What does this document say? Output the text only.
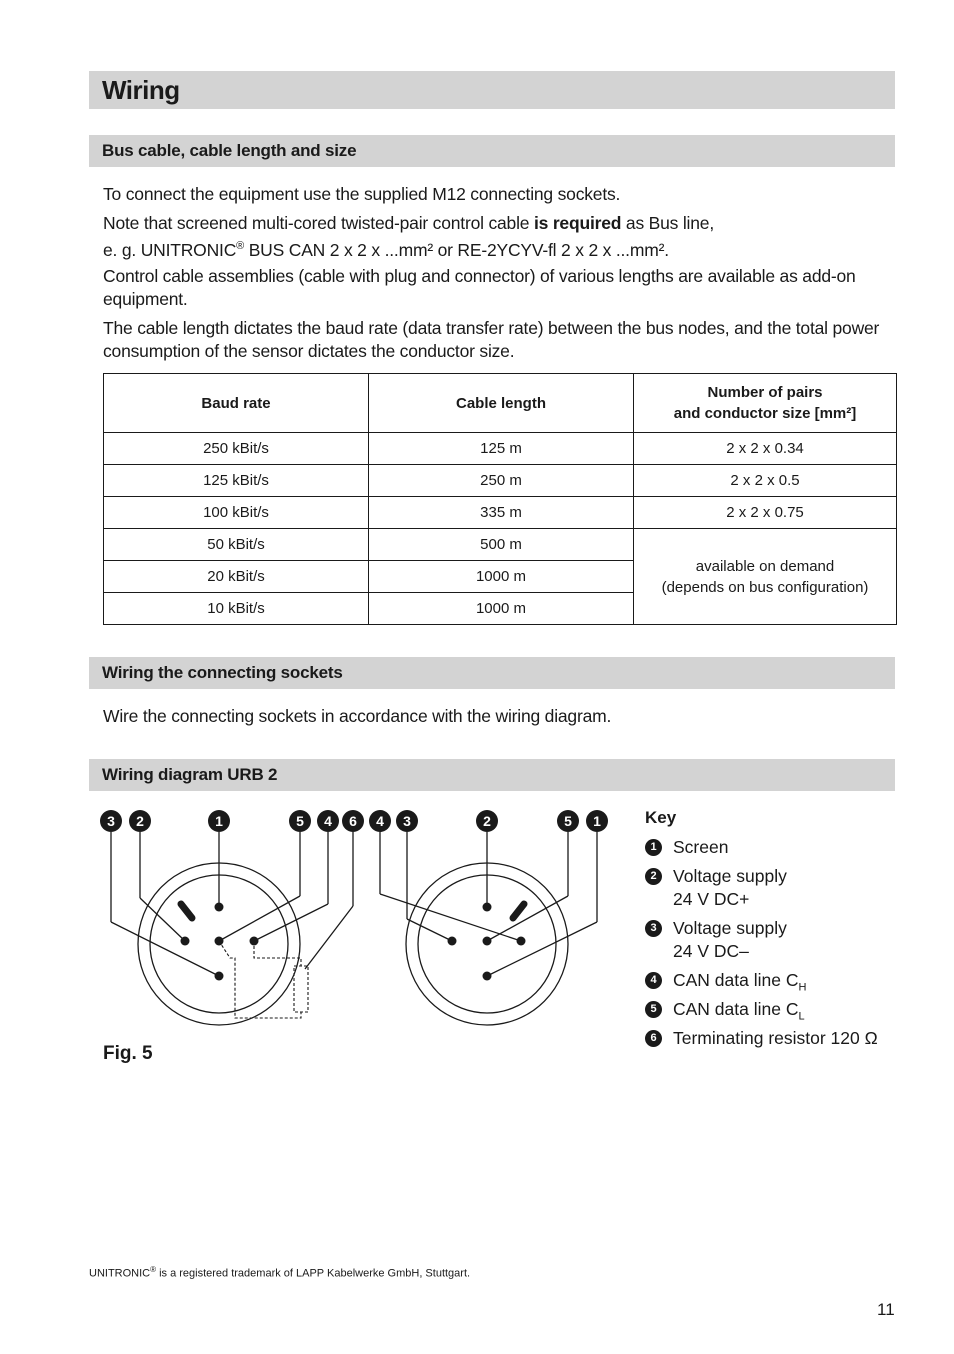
Wiring
Bus cable, cable length and size
To connect the equipment use the supplied M12 connecting sockets.
Note that screened multi-cored twisted-pair control cable is required as Bus line,
e. g. UNITRONIC® BUS CAN 2 x 2 x ...mm² or RE-2YCYV-fl 2 x 2 x ...mm².
Control cable assemblies (cable with plug and connector) of various lengths are available as add-on equipment.
The cable length dictates the baud rate (data transfer rate) between the bus nodes, and the total power consumption of the sensor dictates the conductor size.
Baud rate	Cable length	Number of pairs
and conductor size [mm²]
250 kBit/s	125 m	2 x 2 x 0.34
125 kBit/s	250 m	2 x 2 x 0.5
100 kBit/s	335 m	2 x 2 x 0.75
50 kBit/s	500 m	available on demand
(depends on bus configuration)
20 kBit/s	1000 m	
10 kBit/s	1000 m	
Wiring the connecting sockets
Wire the connecting sockets in accordance with the wiring diagram.
Wiring diagram URB 2
3 2	1	5 4 6 4 3	2	5 1	Key
1 Screen
2 Voltage supply
24 V DC+
3 Voltage supply
24 V DC–
4 CAN data line $C_H$
5 CAN data line $C_L$
6 Terminating resistor 120 Ω
Fig. 5
UNITRONIC® is a registered trademark of LAPP Kabelwerke GmbH, Stuttgart.
11
